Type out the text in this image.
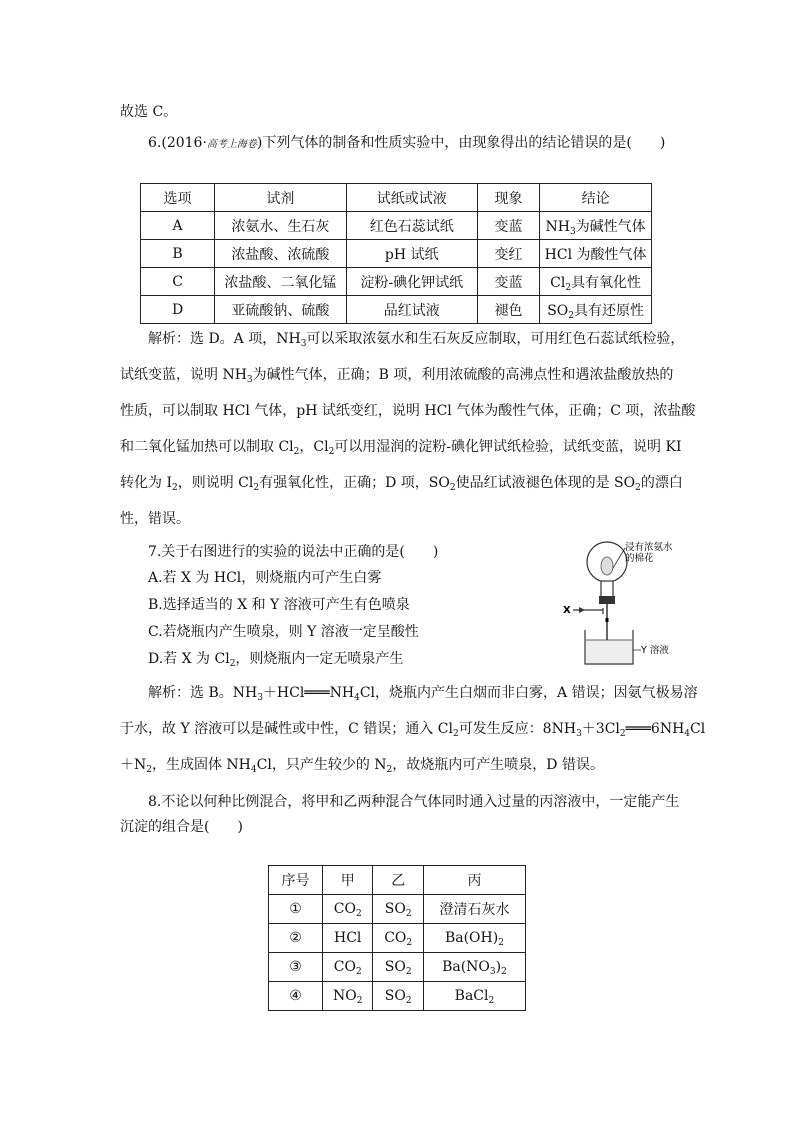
故选 C。
6.(2016·高考上海卷)下列气体的制备和性质实验中，由现象得出的结论错误的是(　　)
选项	试剂	试纸或试液	现象	结论
A	浓氨水、生石灰	红色石蕊试纸	变蓝	$NH_3$为碱性气体
B	浓盐酸、浓硫酸	pH 试纸	变红	HCl 为酸性气体
C	浓盐酸、二氧化锰	淀粉-碘化钾试纸	变蓝	$Cl_2$具有氧化性
D	亚硫酸钠、硫酸	品红试液	褪色	$SO_2$具有还原性
解析：选 D。A 项，$NH_3$可以采取浓氨水和生石灰反应制取，可用红色石蕊试纸检验，
试纸变蓝，说明 $NH_3$为碱性气体，正确；B 项，利用浓硫酸的高沸点性和遇浓盐酸放热的
性质，可以制取 HCl 气体，pH 试纸变红，说明 HCl 气体为酸性气体，正确；C 项，浓盐酸
和二氧化锰加热可以制取 $Cl_2$，$Cl_2$可以用湿润的淀粉-碘化钾试纸检验，试纸变蓝，说明 KI
转化为 $I_2$，则说明 $Cl_2$有强氧化性，正确；D 项，$SO_2$使品红试液褪色体现的是 $SO_2$的漂白
性，错误。
7.关于右图进行的实验的说法中正确的是(　　)
A.若 X 为 HCl，则烧瓶内可产生白雾
B.选择适当的 X 和 Y 溶液可产生有色喷泉
C.若烧瓶内产生喷泉，则 Y 溶液一定呈酸性
D.若 X 为 $Cl_2$，则烧瓶内一定无喷泉产生
浸有浓氨水
的棉花
X
Y 溶液
解析：选 B。$NH_3+HCl═══NH_4Cl$，烧瓶内产生白烟而非白雾，A 错误；因氨气极易溶
于水，故 Y 溶液可以是碱性或中性，C 错误；通入 $Cl_2$可发生反应：$8NH_3+3Cl_2═══6NH_4Cl$
$+N_2$，生成固体 $NH_4Cl$，只产生较少的 $N_2$，故烧瓶内可产生喷泉，D 错误。
8.不论以何种比例混合，将甲和乙两种混合气体同时通入过量的丙溶液中，一定能产生
沉淀的组合是(　　)
序号	甲	乙	丙
①	$CO_2$	$SO_2$	澄清石灰水
②	HCl	$CO_2$	$Ba(OH)_2$
③	$CO_2$	$SO_2$	$Ba(NO_3)_2$
④	$NO_2$	$SO_2$	BaCl$_2$
